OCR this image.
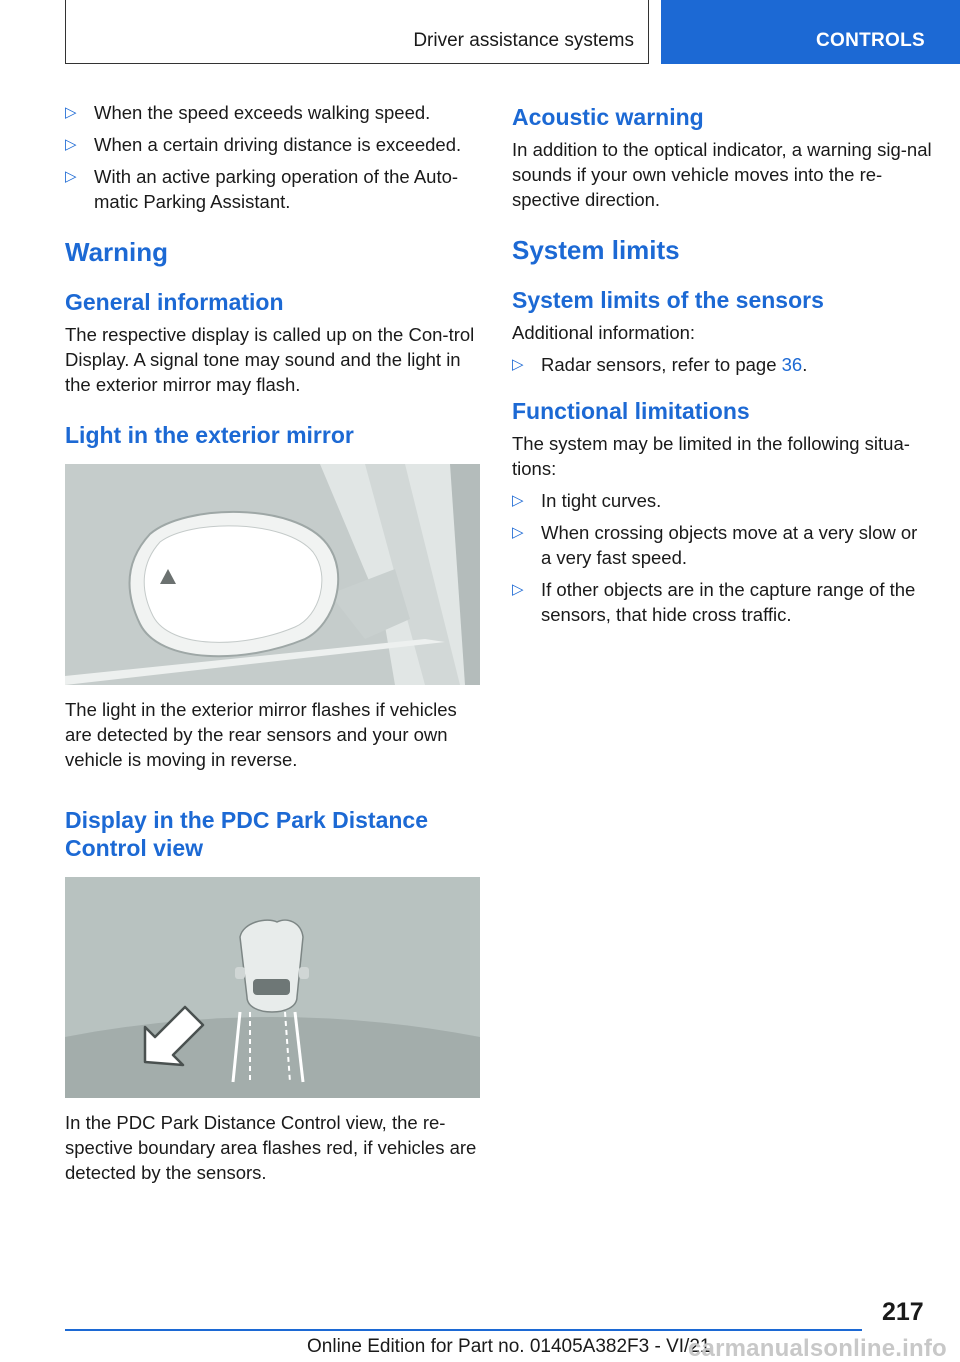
Driver assistance systems	CONTROLS
▷ When the speed exceeds walking speed.
▷ When a certain driving distance is exceeded.
▷ With an active parking operation of the Auto-matic Parking Assistant.
Warning
General information

The respective display is called up on the Con-trol Display. A signal tone may sound and the light in the exterior mirror may flash.

Light in the exterior mirror

The light in the exterior mirror flashes if vehicles are detected by the rear sensors and your own vehicle is moving in reverse.

Display in the PDC Park Distance
Control view

In the PDC Park Distance Control view, the re-spective boundary area flashes red, if vehicles are detected by the sensors.

Acoustic warning

In addition to the optical indicator, a warning sig-nal sounds if your own vehicle moves into the re-spective direction.

System limits
System limits of the sensors

Additional information:

▷ Radar sensors, refer to page 36.
Functional limitations

The system may be limited in the following situa-tions:

▷ In tight curves.
▷ When crossing objects move at a very slow or a very fast speed.
▷ If other objects are in the capture range of the sensors, that hide cross traffic.
217
Online Edition for Part no. 01405A382F3 - VI/21
carmanualsonline.info
